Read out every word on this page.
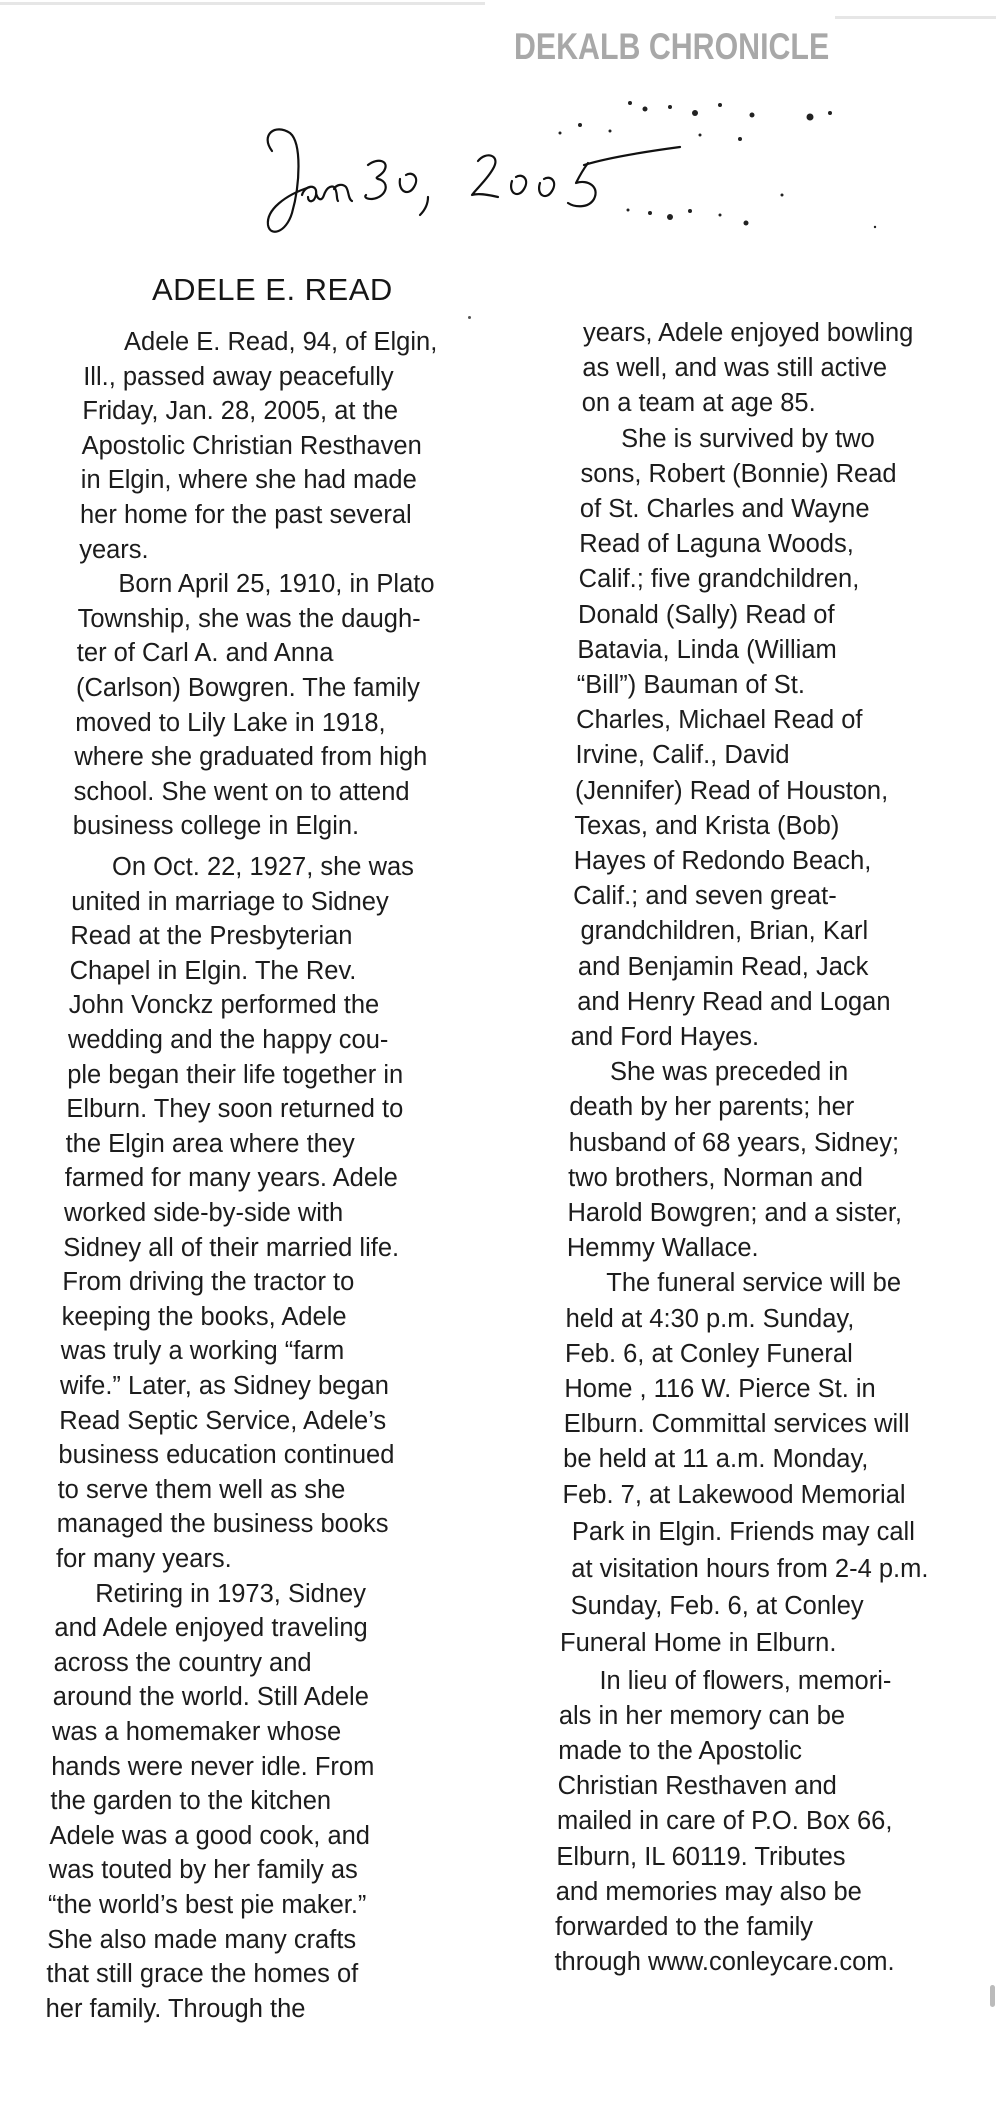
DEKALB CHRONICLE
ADELE E. READ
Adele E. Read, 94, of Elgin,
Ill., passed away peacefully
Friday, Jan. 28, 2005, at the
Apostolic Christian Resthaven
in Elgin, where she had made
her home for the past several
years.
Born April 25, 1910, in Plato
Township, she was the daugh-
ter of Carl A. and Anna
(Carlson) Bowgren. The family
moved to Lily Lake in 1918,
where she graduated from high
school. She went on to attend
business college in Elgin.
On Oct. 22, 1927, she was
united in marriage to Sidney
Read at the Presbyterian
Chapel in Elgin. The Rev.
John Vonckz performed the
wedding and the happy cou-
ple began their life together in
Elburn. They soon returned to
the Elgin area where they
farmed for many years. Adele
worked side-by-side with
Sidney all of their married life.
From driving the tractor to
keeping the books, Adele
was truly a working “farm
wife.” Later, as Sidney began
Read Septic Service, Adele’s
business education continued
to serve them well as she
managed the business books
for many years.
Retiring in 1973, Sidney
and Adele enjoyed traveling
across the country and
around the world. Still Adele
was a homemaker whose
hands were never idle. From
the garden to the kitchen
Adele was a good cook, and
was touted by her family as
“the world’s best pie maker.”
She also made many crafts
that still grace the homes of
her family. Through the
years, Adele enjoyed bowling
as well, and was still active
on a team at age 85.
She is survived by two
sons, Robert (Bonnie) Read
of St. Charles and Wayne
Read of Laguna Woods,
Calif.; five grandchildren,
Donald (Sally) Read of
Batavia, Linda (William
“Bill”) Bauman of St.
Charles, Michael Read of
Irvine, Calif., David
(Jennifer) Read of Houston,
Texas, and Krista (Bob)
Hayes of Redondo Beach,
Calif.; and seven great-
grandchildren, Brian, Karl
and Benjamin Read, Jack
and Henry Read and Logan
and Ford Hayes.
She was preceded in
death by her parents; her
husband of 68 years, Sidney;
two brothers, Norman and
Harold Bowgren; and a sister,
Hemmy Wallace.
The funeral service will be
held at 4:30 p.m. Sunday,
Feb. 6, at Conley Funeral
Home , 116 W. Pierce St. in
Elburn. Committal services will
be held at 11 a.m. Monday,
Feb. 7, at Lakewood Memorial
Park in Elgin. Friends may call
at visitation hours from 2-4 p.m.
Sunday, Feb. 6, at Conley
Funeral Home in Elburn.
In lieu of flowers, memori-
als in her memory can be
made to the Apostolic
Christian Resthaven and
mailed in care of P.O. Box 66,
Elburn, IL 60119. Tributes
and memories may also be
forwarded to the family
through www.conleycare.com.
